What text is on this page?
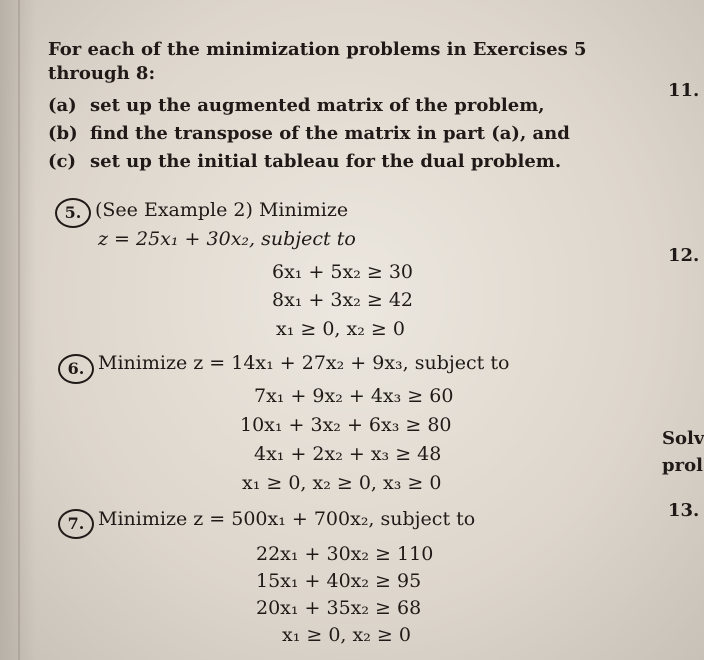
For each of the minimization problems in Exercises 5
through 8:
(a) set up the augmented matrix of the problem,
(b) find the transpose of the matrix in part (a), and
(c) set up the initial tableau for the dual problem.
11.
12.
Solv
prol
13.
5. (See Example 2) Minimize
z = 25x₁ + 30x₂, subject to
6x₁ + 5x₂ ≥ 30
8x₁ + 3x₂ ≥ 42
x₁ ≥ 0, x₂ ≥ 0
6. Minimize z = 14x₁ + 27x₂ + 9x₃, subject to
7x₁ + 9x₂ + 4x₃ ≥ 60
10x₁ + 3x₂ + 6x₃ ≥ 80
4x₁ + 2x₂ + x₃ ≥ 48
x₁ ≥ 0, x₂ ≥ 0, x₃ ≥ 0
7. Minimize z = 500x₁ + 700x₂, subject to
22x₁ + 30x₂ ≥ 110
15x₁ + 40x₂ ≥ 95
20x₁ + 35x₂ ≥ 68
x₁ ≥ 0, x₂ ≥ 0
